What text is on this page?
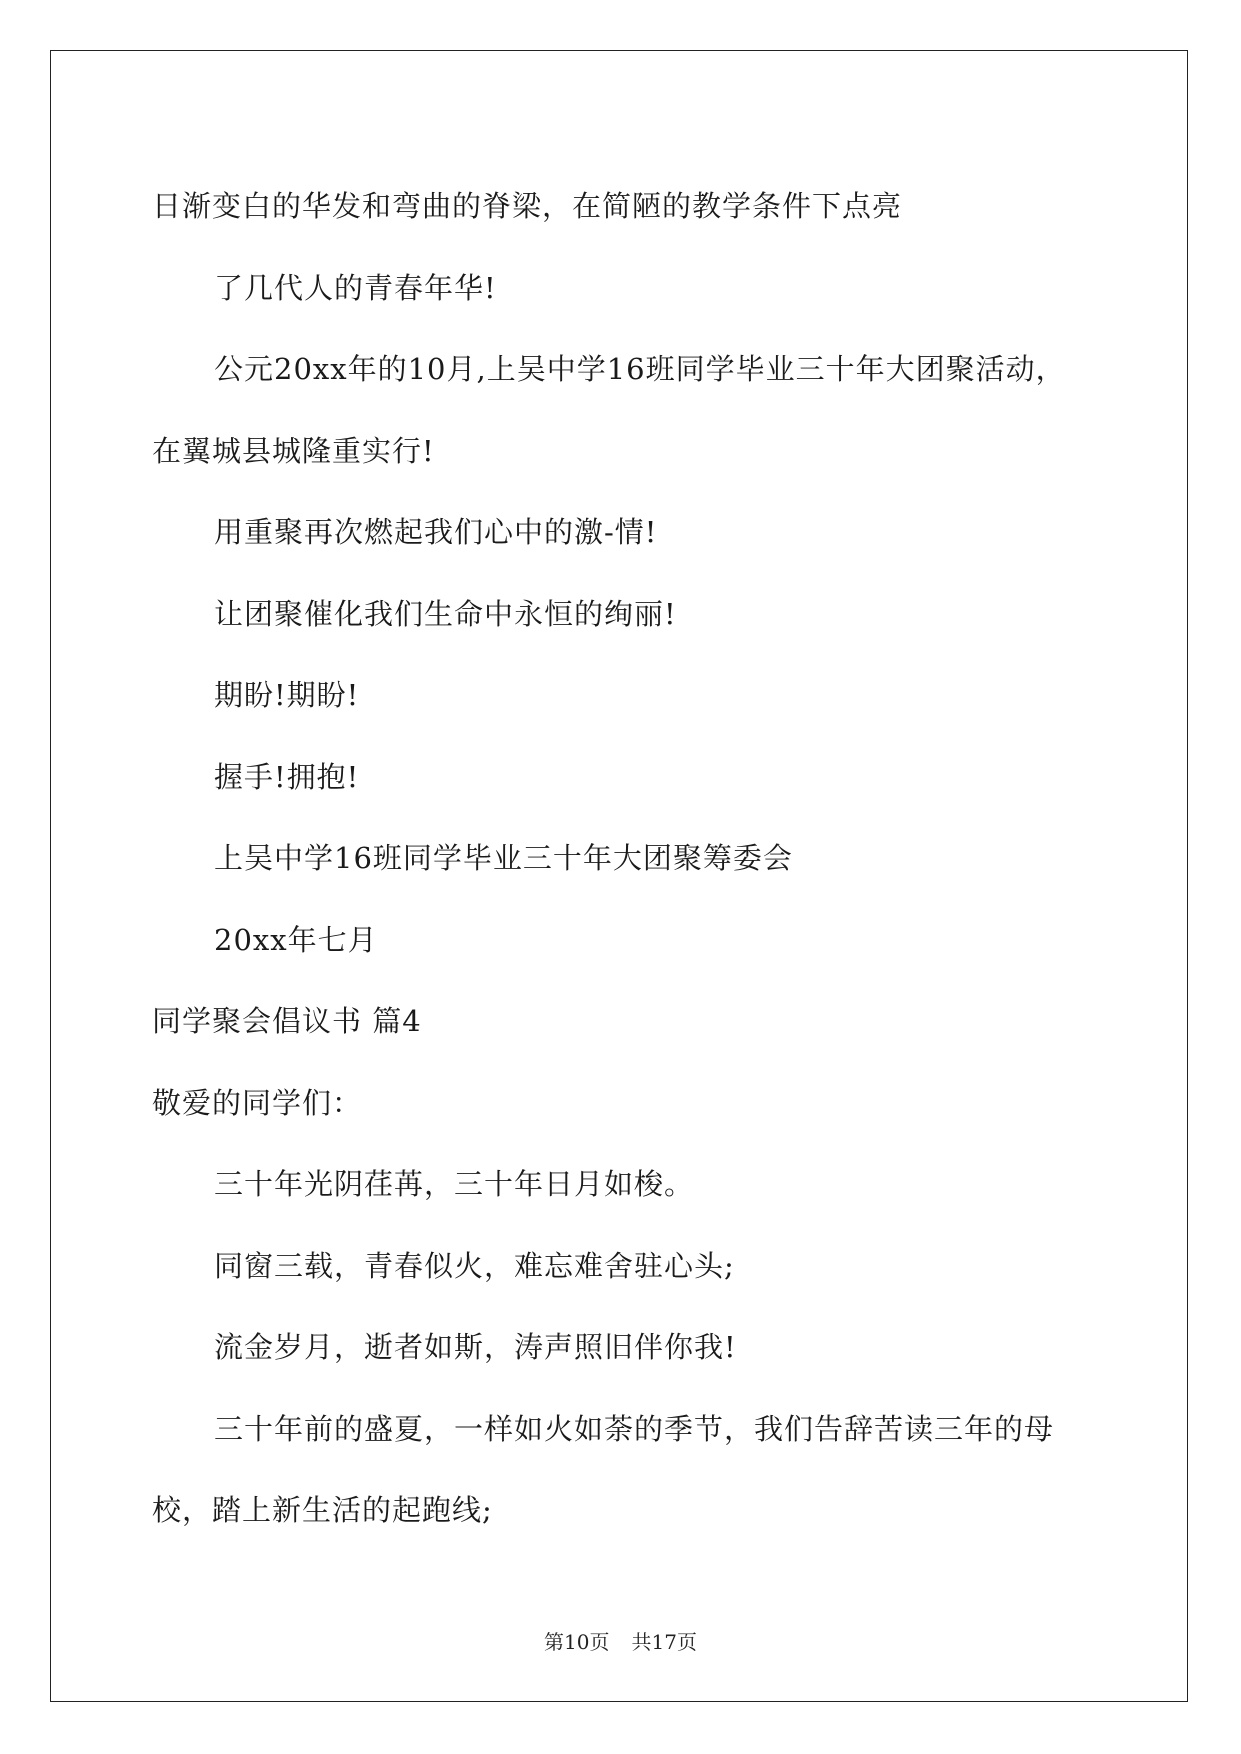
日渐变白的华发和弯曲的脊梁，在简陋的教学条件下点亮
了几代人的青春年华!
公元20xx年的10月,上吴中学16班同学毕业三十年大团聚活动，
在翼城县城隆重实行!
用重聚再次燃起我们心中的激-情!
让团聚催化我们生命中永恒的绚丽!
期盼!期盼!
握手!拥抱!
上吴中学16班同学毕业三十年大团聚筹委会
20xx年七月
同学聚会倡议书 篇4
敬爱的同学们：
三十年光阴荏苒，三十年日月如梭。
同窗三载，青春似火，难忘难舍驻心头;
流金岁月，逝者如斯，涛声照旧伴你我!
三十年前的盛夏，一样如火如荼的季节，我们告辞苦读三年的母
校，踏上新生活的起跑线;
第10页 共17页
